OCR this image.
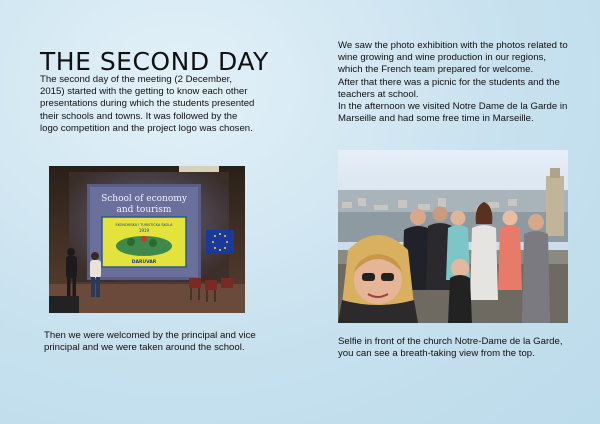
THE SECOND DAY
The second day of the meeting (2 December, 2015) started with the getting to know each other presentations during which the students presented their schools and towns. It was followed by the logo competition and the project logo was chosen.
We saw the photo exhibition with the photos related to wine growing and wine production in our regions, which the French team prepared for welcome.
After that there was a picnic for the students and the teachers at school.
In the afternoon we visited Notre Dame de la Garde in Marseille and had some free time in Marseille.
School of economy
and tourism
EKONOMSKA I TURISTIČKA ŠKOLA
1919
DARUVAR
Then we were welcomed by the principal and vice principal and we were taken around the school.
Selfie in front of the church Notre-Dame de la Garde, you can see a breath-taking view from the top.
